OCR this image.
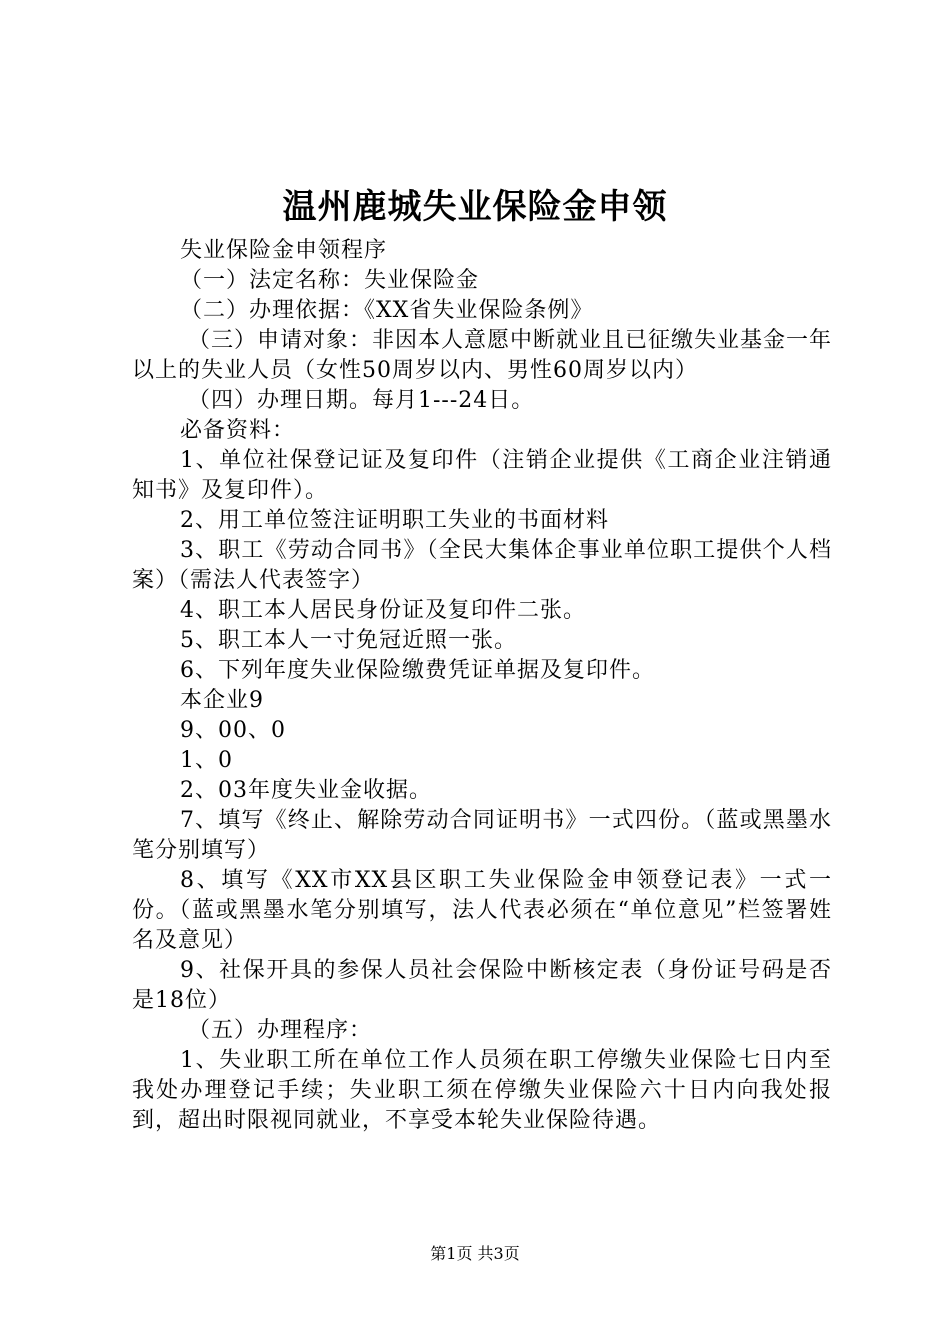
温州鹿城失业保险金申领

失业保险金申领程序

（一）法定名称：失业保险金

（二）办理依据：《XX省失业保险条例》

（三）申请对象：非因本人意愿中断就业且已征缴失业基金一年以上的失业人员（女性50周岁以内、男性60周岁以内）

（四）办理日期。每月1---24日。

必备资料：

1、单位社保登记证及复印件（注销企业提供《工商企业注销通知书》及复印件）。

2、用工单位签注证明职工失业的书面材料

3、职工《劳动合同书》（全民大集体企事业单位职工提供个人档案）（需法人代表签字）

4、职工本人居民身份证及复印件二张。

5、职工本人一寸免冠近照一张。

6、下列年度失业保险缴费凭证单据及复印件。

本企业9

9、00、0

1、0

2、03年度失业金收据。

7、填写《终止、解除劳动合同证明书》一式四份。（蓝或黑墨水笔分别填写）

8、填写《XX市XX县区职工失业保险金申领登记表》一式一份。（蓝或黑墨水笔分别填写，法人代表必须在“单位意见”栏签署姓名及意见）

9、社保开具的参保人员社会保险中断核定表（身份证号码是否是18位）

（五）办理程序：

1、失业职工所在单位工作人员须在职工停缴失业保险七日内至我处办理登记手续；失业职工须在停缴失业保险六十日内向我处报到，超出时限视同就业，不享受本轮失业保险待遇。

第1页 共3页
